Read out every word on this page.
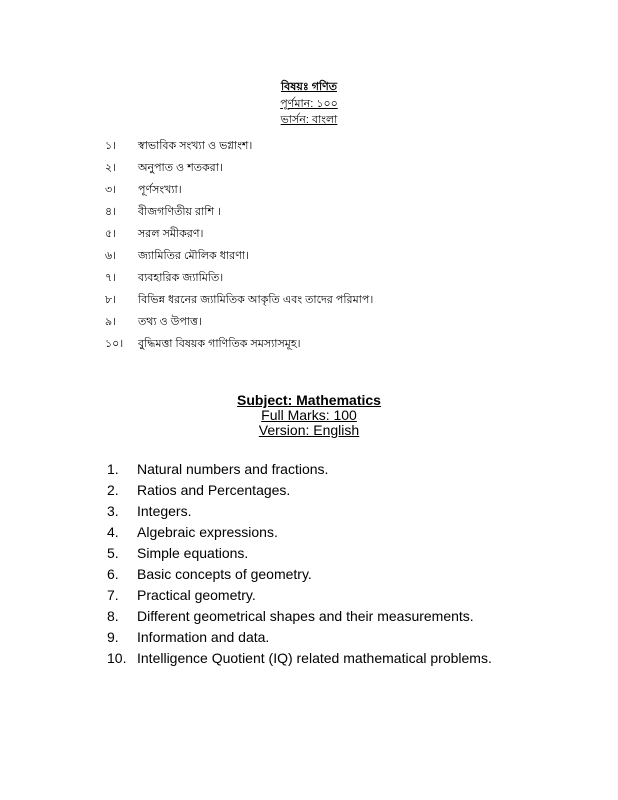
বিষয়ঃ গণিত
পূর্ণমান: ১০০
ভার্সন: বাংলা
১।	স্বাভাবিক সংখ্যা ও ভগ্নাংশ।
২।	অনুপাত ও শতকরা।
৩।	পূর্ণসংখ্যা।
৪।	বীজগণিতীয় রাশি ।
৫।	সরল সমীকরণ।
৬।	জ্যামিতির মৌলিক ধারণা।
৭।	ব্যবহারিক জ্যামিতি।
৮।	বিভিন্ন ধরনের জ্যামিতিক আকৃতি এবং তাদের পরিমাপ।
৯।	তথ্য ও উপাত্ত।
১০।	বুদ্ধিমত্তা বিষয়ক গাণিতিক সমস্যাসমূহ।
Subject: Mathematics
Full Marks: 100
Version: English
1.	Natural numbers and fractions.
2.	Ratios and Percentages.
3.	Integers.
4.	Algebraic expressions.
5.	Simple equations.
6.	Basic concepts of geometry.
7.	Practical geometry.
8.	Different geometrical shapes and their measurements.
9.	Information and data.
10. Intelligence Quotient (IQ) related mathematical problems.
